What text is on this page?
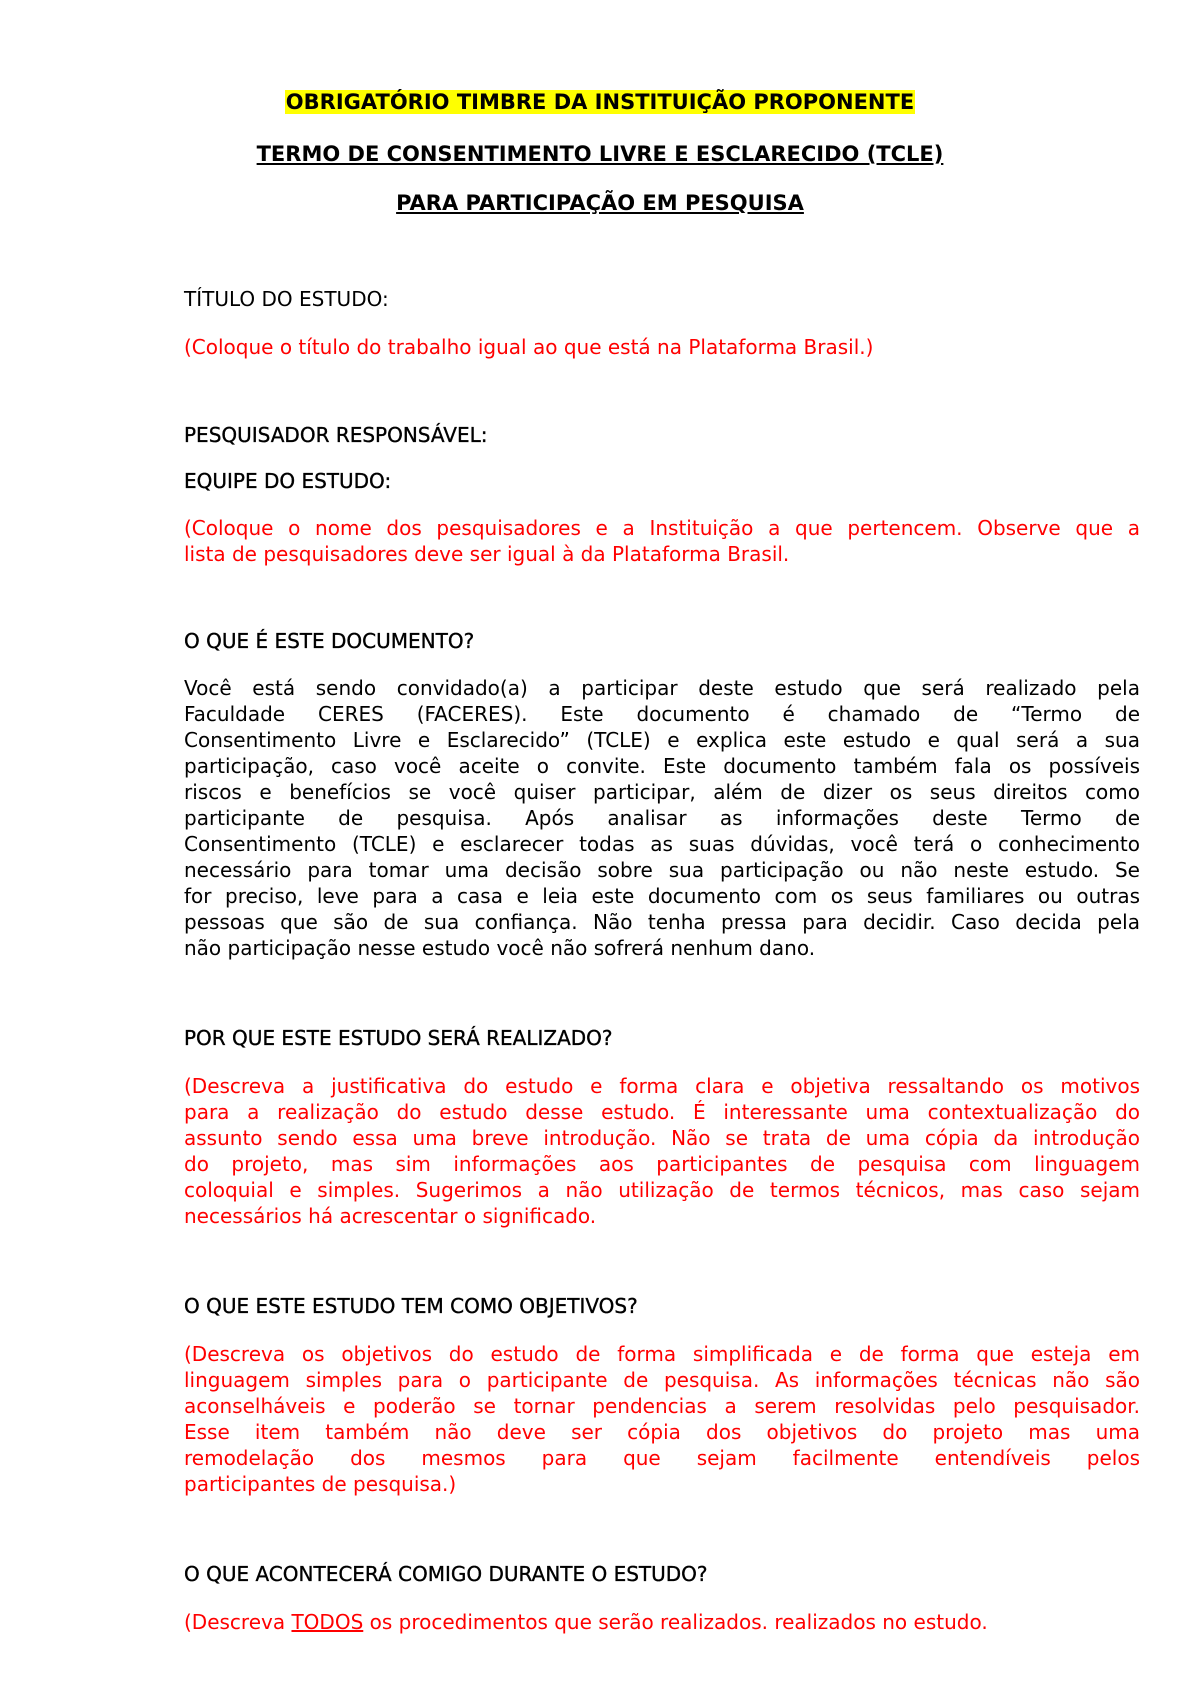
OBRIGATÓRIO TIMBRE DA INSTITUIÇÃO PROPONENTE
TERMO DE CONSENTIMENTO LIVRE E ESCLARECIDO (TCLE)
PARA PARTICIPAÇÃO EM PESQUISA
TÍTULO DO ESTUDO:
(Coloque o título do trabalho igual ao que está na Plataforma Brasil.)
PESQUISADOR RESPONSÁVEL:
EQUIPE DO ESTUDO:
(Coloque o nome dos pesquisadores e a Instituição a que pertencem. Observe que a
lista de pesquisadores deve ser igual à da Plataforma Brasil.
O QUE É ESTE DOCUMENTO?
Você está sendo convidado(a) a participar deste estudo que será realizado pela
Faculdade CERES (FACERES). Este documento é chamado de “Termo de
Consentimento Livre e Esclarecido” (TCLE) e explica este estudo e qual será a sua
participação, caso você aceite o convite. Este documento também fala os possíveis
riscos e benefícios se você quiser participar, além de dizer os seus direitos como
participante de pesquisa. Após analisar as informações deste Termo de
Consentimento (TCLE) e esclarecer todas as suas dúvidas, você terá o conhecimento
necessário para tomar uma decisão sobre sua participação ou não neste estudo. Se
for preciso, leve para a casa e leia este documento com os seus familiares ou outras
pessoas que são de sua confiança. Não tenha pressa para decidir. Caso decida pela
não participação nesse estudo você não sofrerá nenhum dano.
POR QUE ESTE ESTUDO SERÁ REALIZADO?
(Descreva a justificativa do estudo e forma clara e objetiva ressaltando os motivos
para a realização do estudo desse estudo. É interessante uma contextualização do
assunto sendo essa uma breve introdução. Não se trata de uma cópia da introdução
do projeto, mas sim informações aos participantes de pesquisa com linguagem
coloquial e simples. Sugerimos a não utilização de termos técnicos, mas caso sejam
necessários há acrescentar o significado.
O QUE ESTE ESTUDO TEM COMO OBJETIVOS?
(Descreva os objetivos do estudo de forma simplificada e de forma que esteja em
linguagem simples para o participante de pesquisa. As informações técnicas não são
aconselháveis e poderão se tornar pendencias a serem resolvidas pelo pesquisador.
Esse item também não deve ser cópia dos objetivos do projeto mas uma
remodelação dos mesmos para que sejam facilmente entendíveis pelos
participantes de pesquisa.)
O QUE ACONTECERÁ COMIGO DURANTE O ESTUDO?
(Descreva TODOS os procedimentos que serão realizados. realizados no estudo.
